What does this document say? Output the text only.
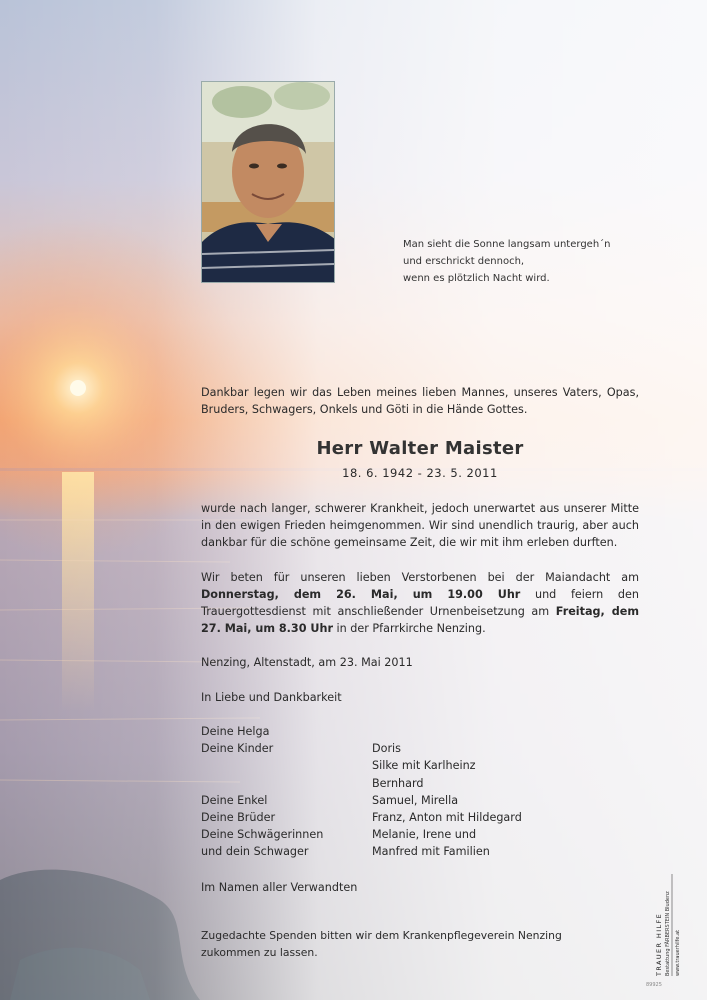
Man sieht die Sonne langsam untergeh´n
und erschrickt dennoch,
wenn es plötzlich Nacht wird.
Dankbar legen wir das Leben meines lieben Mannes, unseres Vaters, Opas, Bruders, Schwagers, Onkels und Göti in die Hände Gottes.
Herr Walter Maister
18. 6. 1942 - 23. 5. 2011
wurde nach langer, schwerer Krankheit, jedoch unerwartet aus unserer Mitte in den ewigen Frieden heimgenommen. Wir sind unendlich traurig, aber auch dankbar für die schöne gemeinsame Zeit, die wir mit ihm erleben durften.
Wir beten für unseren lieben Verstorbenen bei der Maiandacht am Donnerstag, dem 26. Mai, um 19.00 Uhr und feiern den Trauergottesdienst mit anschließender Urnenbeisetzung am Freitag, dem 27. Mai, um 8.30 Uhr in der Pfarrkirche Nenzing.
Nenzing, Altenstadt, am 23. Mai 2011
In Liebe und Dankbarkeit
Deine Helga
Deine Kinder

Deine Enkel
Deine Brüder
Deine Schwägerinnen
und dein Schwager

Doris
Silke mit Karlheinz
Bernhard
Samuel, Mirella
Franz, Anton mit Hildegard
Melanie, Irene und
Manfred mit Familien
Im Namen aller Verwandten
Zugedachte Spenden bitten wir dem Krankenpflegeverein Nenzing
zukommen zu lassen.	TRAUER HILFE Bestattung FÄRBERSTEIN Bludenz www.trauerhilfe.at
89925
